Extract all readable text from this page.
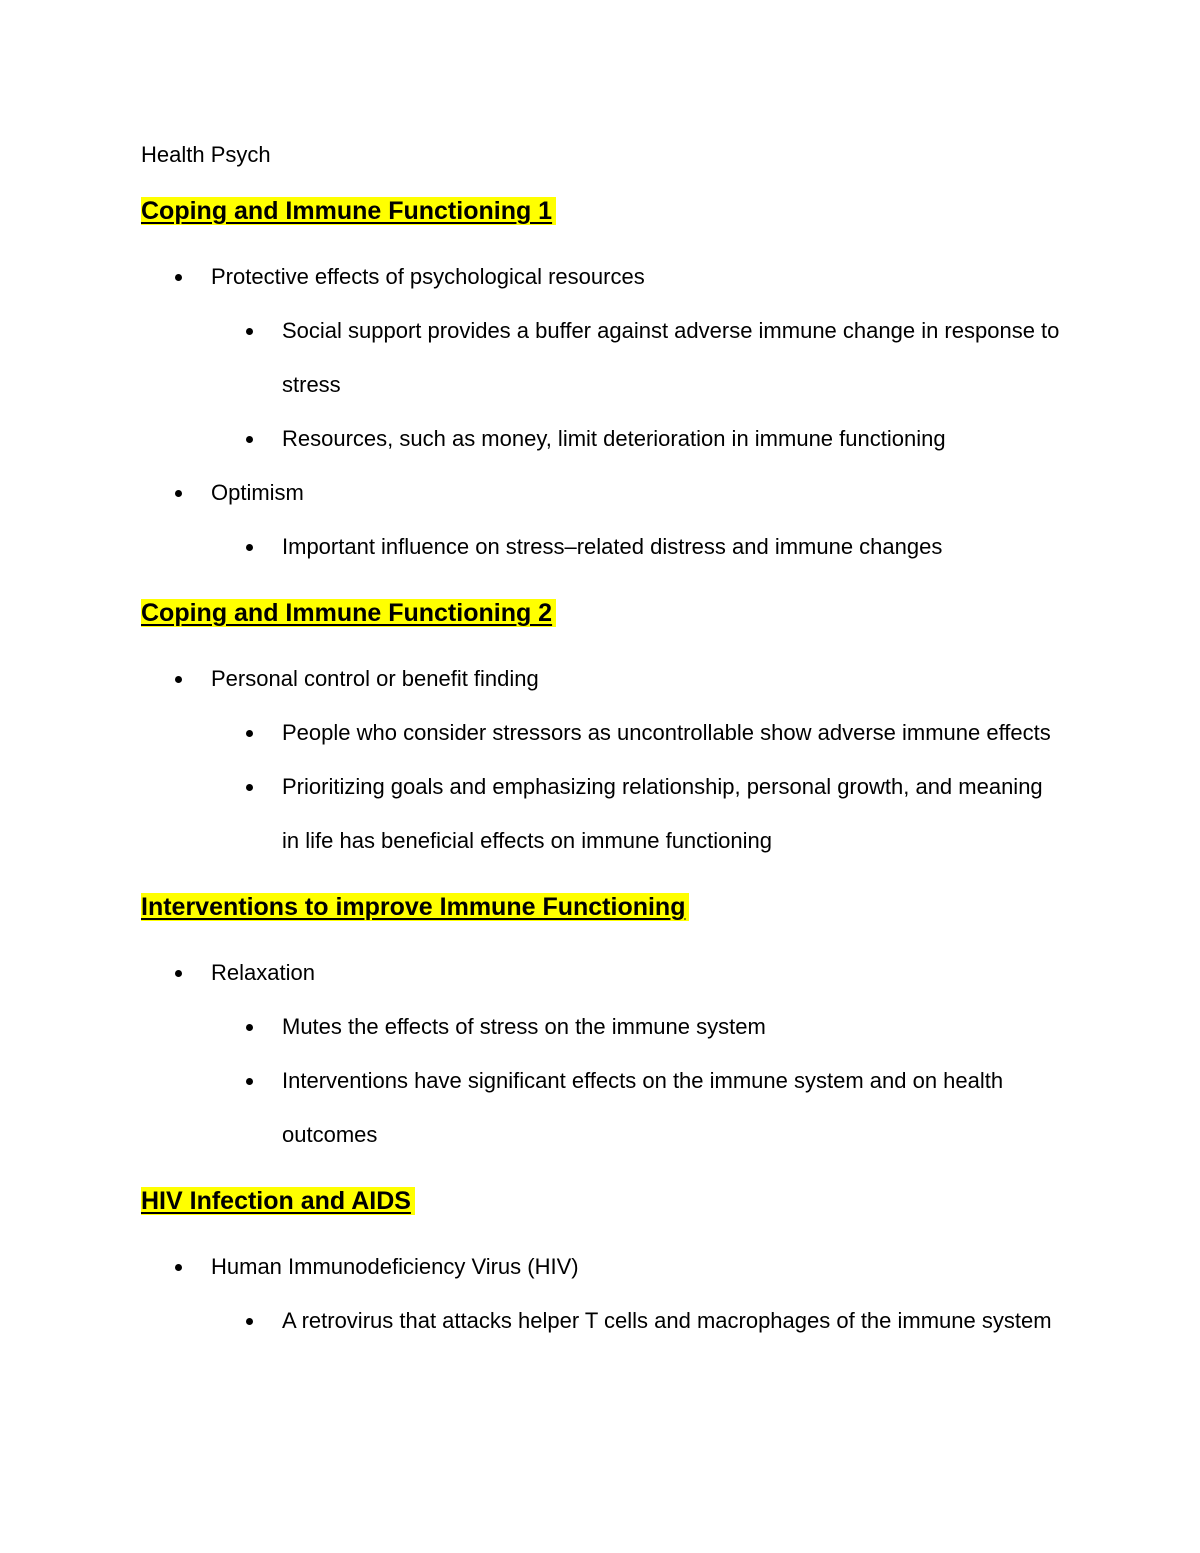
Health Psych
Coping and Immune Functioning 1
Protective effects of psychological resources
Social support provides a buffer against adverse immune change in response to stress
Resources, such as money, limit deterioration in immune functioning
Optimism
Important influence on stress–related distress and immune changes
Coping and Immune Functioning 2
Personal control or benefit finding
People who consider stressors as uncontrollable show adverse immune effects
Prioritizing goals and emphasizing relationship, personal growth, and meaning in life has beneficial effects on immune functioning
Interventions to improve Immune Functioning
Relaxation
Mutes the effects of stress on the immune system
Interventions have significant effects on the immune system and on health outcomes
HIV Infection and AIDS
Human Immunodeficiency Virus (HIV)
A retrovirus that attacks helper T cells and macrophages of the immune system
